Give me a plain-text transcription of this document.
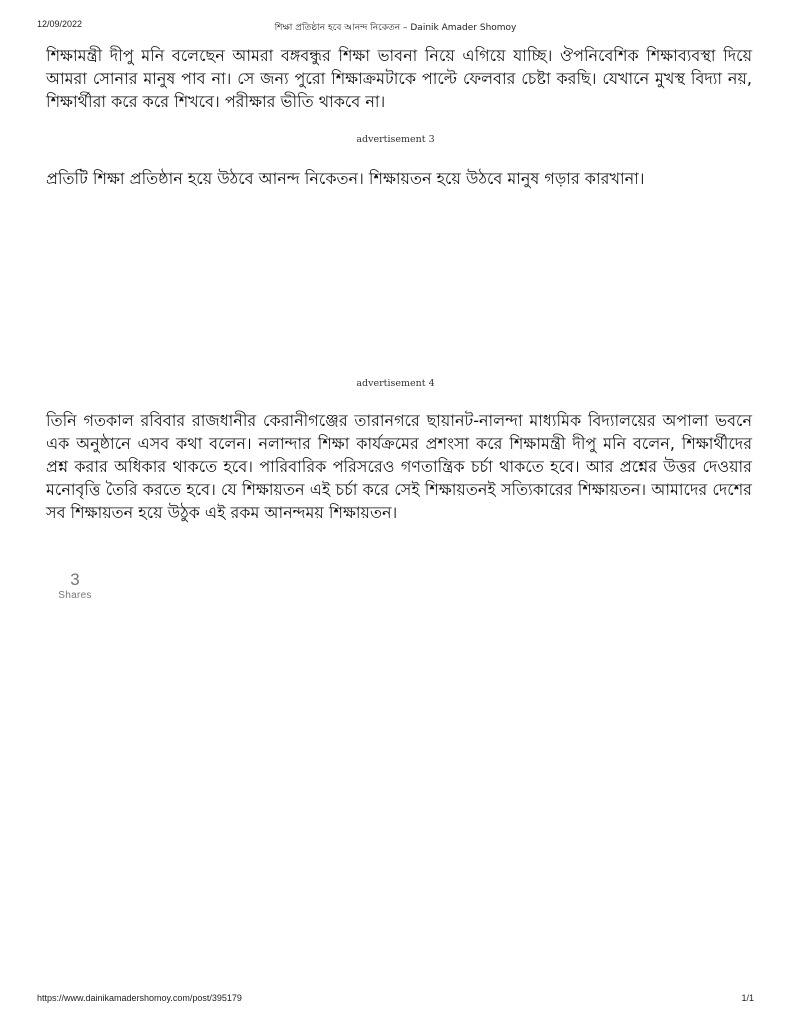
12/09/2022	শিক্ষা প্রতিষ্ঠান হবে আনন্দ নিকেতন – Dainik Amader Shomoy

শিক্ষামন্ত্রী দীপু মনি বলেছেন আমরা বঙ্গবন্ধুর শিক্ষা ভাবনা নিয়ে এগিয়ে যাচ্ছি। ঔপনিবেশিক শিক্ষাব্যবস্থা দিয়ে আমরা সোনার মানুষ পাব না। সে জন্য পুরো শিক্ষাক্রমটাকে পাল্টে ফেলবার চেষ্টা করছি। যেখানে মুখস্থ বিদ্যা নয়, শিক্ষার্থীরা করে করে শিখবে। পরীক্ষার ভীতি থাকবে না।

advertisement 3

প্রতিটি শিক্ষা প্রতিষ্ঠান হয়ে উঠবে আনন্দ নিকেতন। শিক্ষায়তন হয়ে উঠবে মানুষ গড়ার কারখানা।

advertisement 4

তিনি গতকাল রবিবার রাজধানীর কেরানীগঞ্জের তারানগরে ছায়ানট-নালন্দা মাধ্যমিক বিদ্যালয়ের অপালা ভবনে এক অনুষ্ঠানে এসব কথা বলেন। নলান্দার শিক্ষা কার্যক্রমের প্রশংসা করে শিক্ষামন্ত্রী দীপু মনি বলেন, শিক্ষার্থীদের প্রশ্ন করার অধিকার থাকতে হবে। পারিবারিক পরিসরেও গণতান্ত্রিক চর্চা থাকতে হবে। আর প্রশ্নের উত্তর দেওয়ার মনোবৃত্তি তৈরি করতে হবে। যে শিক্ষায়তন এই চর্চা করে সেই শিক্ষায়তনই সত্যিকারের শিক্ষায়তন। আমাদের দেশের সব শিক্ষায়তন হয়ে উঠুক এই রকম আনন্দময় শিক্ষায়তন।

3
Shares
https://www.dainikamadershomoy.com/post/395179	1/1
